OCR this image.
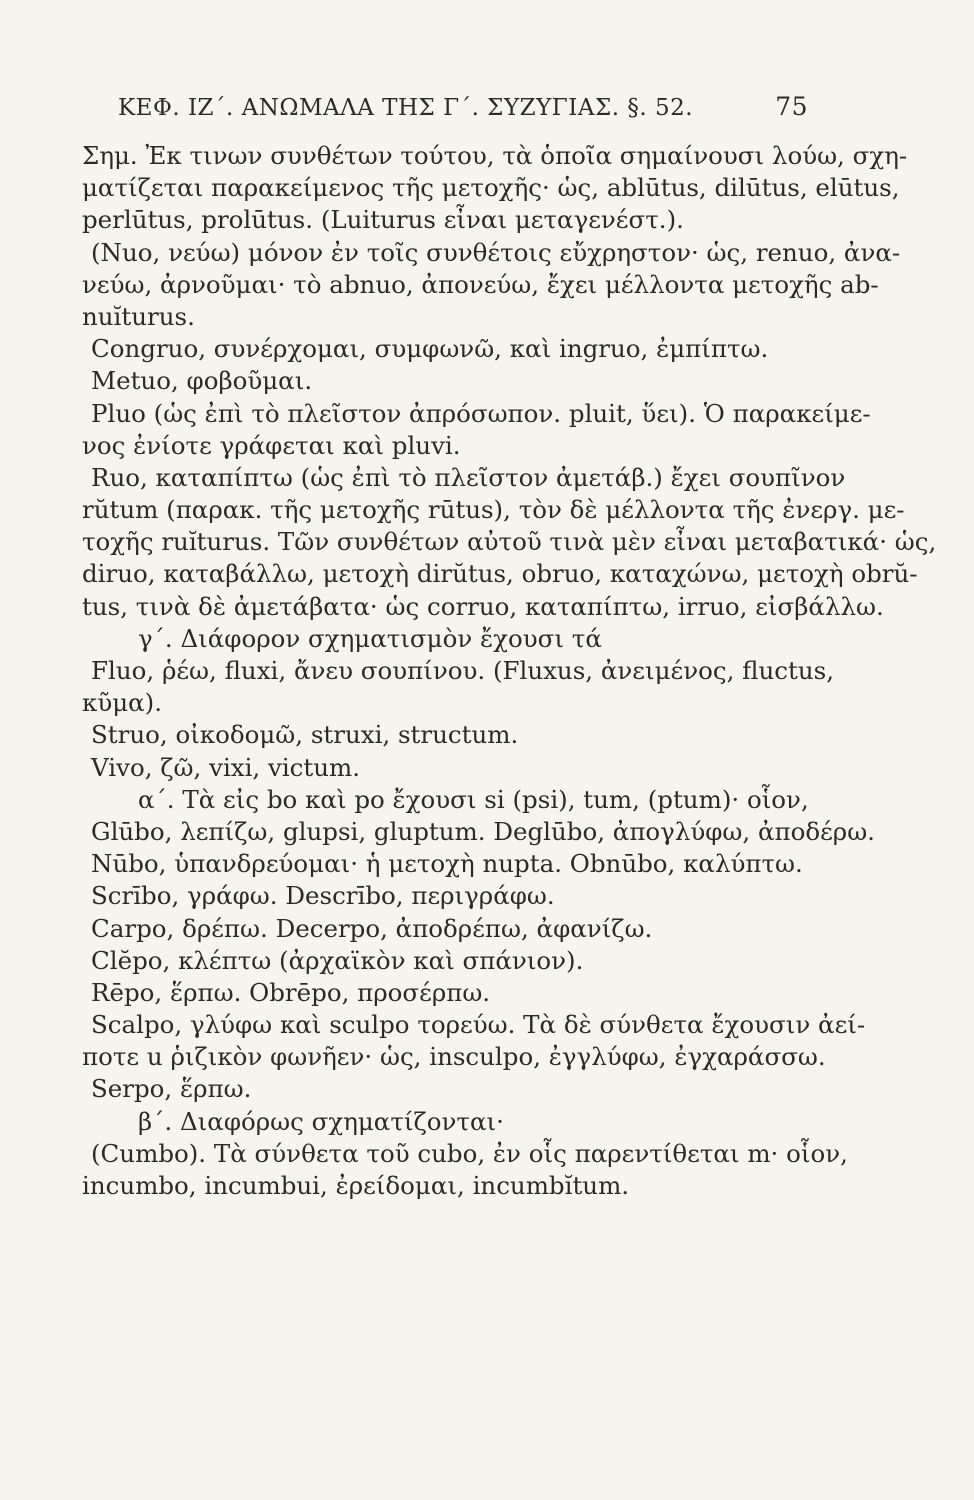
ΚΕΦ. ΙΖ΄. ΑΝΩΜΑΛΑ ΤΗΣ Γ΄. ΣΥΖΥΓΙΑΣ. §. 52.	75
Σημ. Ἐκ τινων συνθέτων τούτου, τὰ ὁποῖα σημαίνουσι λούω, σχη-
ματίζεται παρακείμενος τῆς μετοχῆς· ὡς, ablūtus, dilūtus, elūtus,
perlūtus, prolūtus. (Luiturus εἶναι μεταγενέστ.).
(Nuo, νεύω) μόνον ἐν τοῖς συνθέτοις εὔχρηστον· ὡς, renuo, ἀνα-
νεύω, ἀρνοῦμαι· τὸ abnuo, ἀπονεύω, ἔχει μέλλοντα μετοχῆς ab-
nuĭturus.
Congruo, συνέρχομαι, συμφωνῶ, καὶ ingruo, ἐμπίπτω.
Metuo, φοβοῦμαι.
Pluo (ὡς ἐπὶ τὸ πλεῖστον ἀπρόσωπον. pluit, ὕει). Ὁ παρακείμε-
νος ἐνίοτε γράφεται καὶ pluvi.
Ruo, καταπίπτω (ὡς ἐπὶ τὸ πλεῖστον ἀμετάβ.) ἔχει σουπῖνον
rŭtum (παρακ. τῆς μετοχῆς rūtus), τὸν δὲ μέλλοντα τῆς ἐνεργ. με-
τοχῆς ruĭturus. Τῶν συνθέτων αὐτοῦ τινὰ μὲν εἶναι μεταβατικά· ὡς,
diruo, καταβάλλω, μετοχὴ dirŭtus, obruo, καταχώνω, μετοχὴ obrŭ-
tus, τινὰ δὲ ἀμετάβατα· ὡς corruo, καταπίπτω, irruo, εἰσβάλλω.
γ΄. Διάφορον σχηματισμὸν ἔχουσι τά
Fluo, ῥέω, fluxi, ἄνευ σουπίνου. (Fluxus, ἀνειμένος, fluctus,
κῦμα).
Struo, οἰκοδομῶ, struxi, structum.
Vivo, ζῶ, vixi, victum.
α΄. Τὰ εἰς bo καὶ po ἔχουσι si (psi), tum, (ptum)· οἷον,
Glūbo, λεπίζω, glupsi, gluptum. Deglūbo, ἀπογλύφω, ἀποδέρω.
Nūbo, ὑπανδρεύομαι· ἡ μετοχὴ nupta. Obnūbo, καλύπτω.
Scrībo, γράφω. Descrībo, περιγράφω.
Carpo, δρέπω. Decerpo, ἀποδρέπω, ἀφανίζω.
Clĕpo, κλέπτω (ἀρχαϊκὸν καὶ σπάνιον).
Rēpo, ἕρπω. Obrēpo, προσέρπω.
Scalpo, γλύφω καὶ sculpo τορεύω. Τὰ δὲ σύνθετα ἔχουσιν ἀεί-
ποτε u ῥιζικὸν φωνῆεν· ὡς, insculpo, ἐγγλύφω, ἐγχαράσσω.
Serpo, ἕρπω.
β΄. Διαφόρως σχηματίζονται·
(Cumbo). Τὰ σύνθετα τοῦ cubo, ἐν οἷς παρεντίθεται m· οἷον,
incumbo, incumbui, ἐρείδομαι, incumbĭtum.
